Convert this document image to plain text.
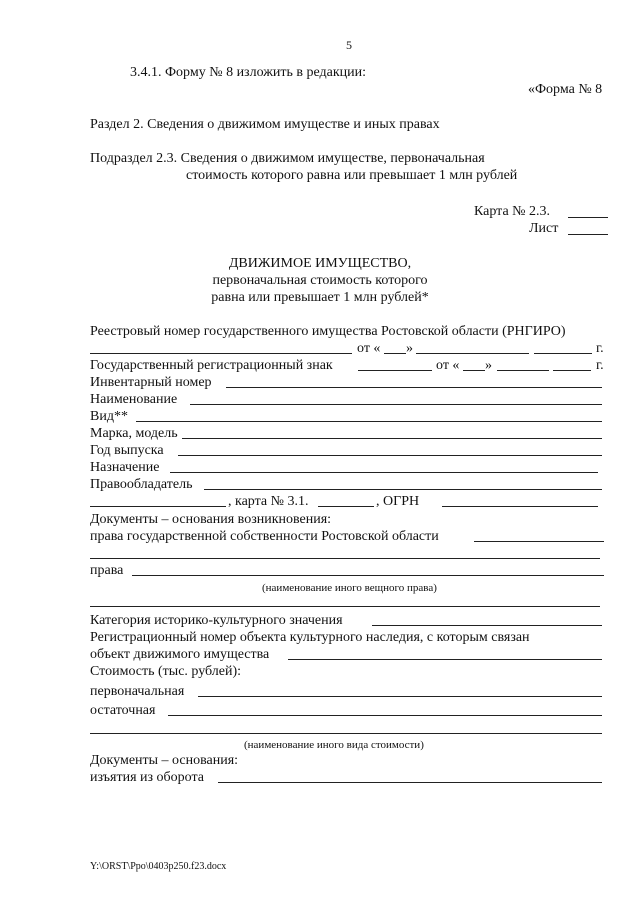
5
3.4.1. Форму № 8 изложить в редакции:
«Форма № 8
Раздел 2. Сведения о движимом имуществе и иных правах
Подраздел 2.3. Сведения о движимом имуществе, первоначальная
стоимость которого равна или превышает 1 млн рублей
Карта № 2.3.
Лист
ДВИЖИМОЕ ИМУЩЕСТВО,
первоначальная стоимость которого
равна или превышает 1 млн рублей*
Реестровый номер государственного имущества Ростовской области (РНГИРО)
от « »	г.
Государственный регистрационный знак	от « »	г.
Инвентарный номер
Наименование
Вид**
Марка, модель
Год выпуска
Назначение
Правообладатель
, карта № 3.1.	, ОГРН
Документы – основания возникновения:
права государственной собственности Ростовской области
права
(наименование иного вещного права)
Категория историко-культурного значения
Регистрационный номер объекта культурного наследия, с которым связан
объект движимого имущества
Стоимость (тыс. рублей):
первоначальная
остаточная
(наименование иного вида стоимости)
Документы – основания:
изъятия из оборота
Y:\ORST\Ppo\0403p250.f23.docx
